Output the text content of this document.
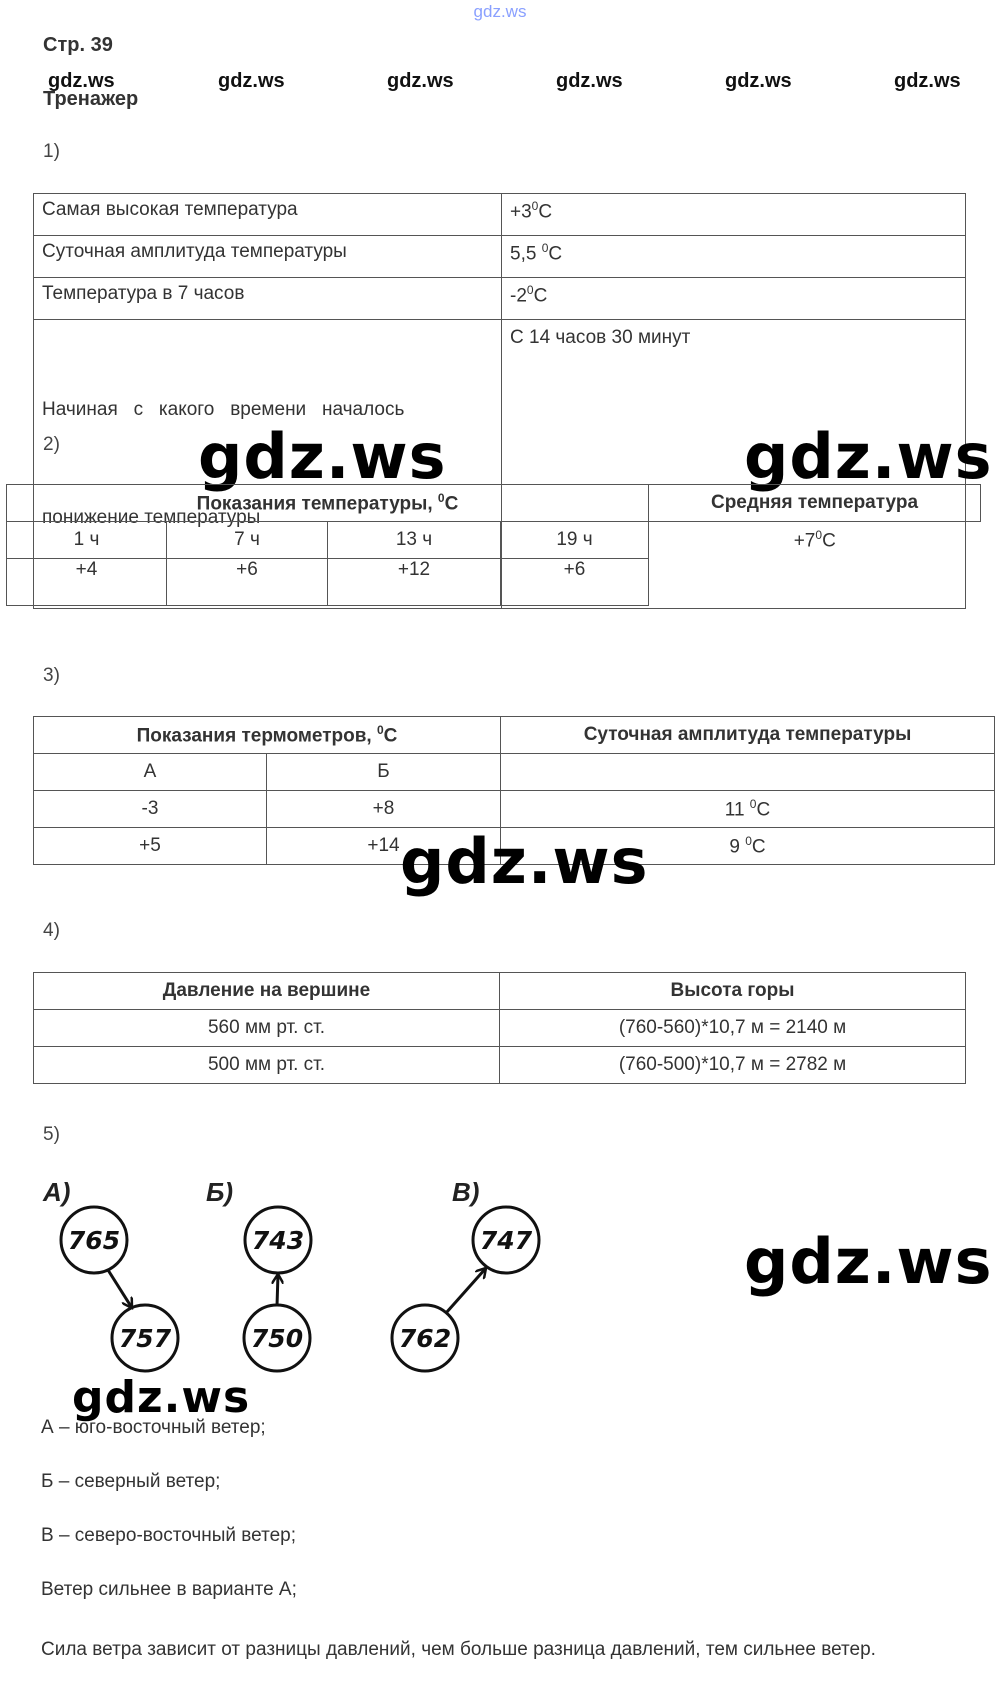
gdz.ws
Стр. 39
Тренажер
gdz.ws	gdz.ws	gdz.ws	gdz.ws	gdz.ws	gdz.ws
1)
Самая высокая температура	$+3^0С$
Суточная амплитуда температуры	5,5 $^0$С
Температура в 7 часов	$-2^0С$

Начиная   с   какого   времени   началось

понижение температуры	С 14 часов 30 минут
2) gdz.ws	gdz.ws
Показания температуры, $^0$С				Средняя температура
1 ч	7 ч	13 ч	19 ч	$+7^0С$
+4	+6	+12	+6	
3)
Показания термометров, $^0$С		Суточная амплитуда температуры
А	Б	
-3	+8	11 $^0$С
+5	+14	9 $^0$С
gdz.ws
4)
Давление на вершине	Высота горы
560 мм рт. ст.	(760-560)*10,7 м = 2140 м
500 мм рт. ст.	(760-500)*10,7 м = 2782 м
5)
А)	Б)	В)
765
757
743
750
747
762
gdz.ws
gdz.ws
А – юго-восточный ветер;
Б – северный ветер;
В – северо-восточный ветер;
Ветер сильнее в варианте А;
Сила ветра зависит от разницы давлений, чем больше разница давлений, тем сильнее ветер.
